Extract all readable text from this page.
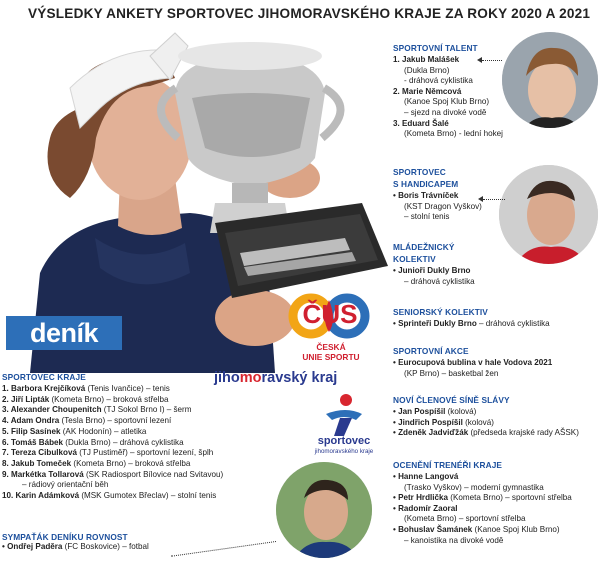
VÝSLEDKY ANKETY SPORTOVEC JIHOMORAVSKÉHO KRAJE ZA ROKY 2020 A 2021
deník
ČUS
ČESKÁ
UNIE SPORTU
jihomoravský kraj
sportovec
jihomoravského kraje
SPORTOVEC KRAJE
1. Barbora Krejčíková (Tenis Ivančice) – tenis
2. Jiří Lipták (Kometa Brno) – broková střelba
3. Alexander Choupenitch (TJ Sokol Brno I) – šerm
4. Adam Ondra (Tesla Brno) – sportovní lezení
5. Filip Sasínek (AK Hodonín) – atletika
6. Tomáš Bábek (Dukla Brno) – dráhová cyklistika
7. Tereza Cibulková (TJ Pustiměř) – sportovní lezení, šplh
8. Jakub Tomeček (Kometa Brno) – broková střelba
9. Markétka Tollarová (SK Radiosport Bílovice nad Svitavou)
– rádiový orientační běh
10. Karin Adámková (MSK Gumotex Břeclav) – stolní tenis
SYMPAŤÁK DENÍKU ROVNOST
• Ondřej Paděra (FC Boskovice) – fotbal
SPORTOVNÍ TALENT
1. Jakub Malášek
(Dukla Brno)
- dráhová cyklistika
2. Marie Němcová
(Kanoe Spoj Klub Brno)
– sjezd na divoké vodě
3. Eduard Šalé
(Kometa Brno) - lední hokej
SPORTOVEC
S HANDICAPEM
• Boris Trávníček
(KST Dragon Vyškov)
– stolní tenis
MLÁDEŽNICKÝ
KOLEKTIV
• Junioři Dukly Brno
– dráhová cyklistika
SENIORSKÝ KOLEKTIV
• Sprinteři Dukly Brno – dráhová cyklistika
SPORTOVNÍ AKCE
• Eurocupová bublina v hale Vodova 2021
(KP Brno) – basketbal žen
NOVÍ ČLENOVÉ SÍNĚ SLÁVY
• Jan Pospíšil (kolová)
• Jindřich Pospíšil (kolová)
• Zdeněk Jadviďžák (předseda krajské rady AŠSK)
OCENĚNÍ TRENÉŘI KRAJE
• Hanne Langová
(Trasko Vyškov) – moderní gymnastika
• Petr Hrdlička (Kometa Brno) – sportovní střelba
• Radomír Zaoral
(Kometa Brno) – sportovní střelba
• Bohuslav Šamánek (Kanoe Spoj Klub Brno)
– kanoistika na divoké vodě
